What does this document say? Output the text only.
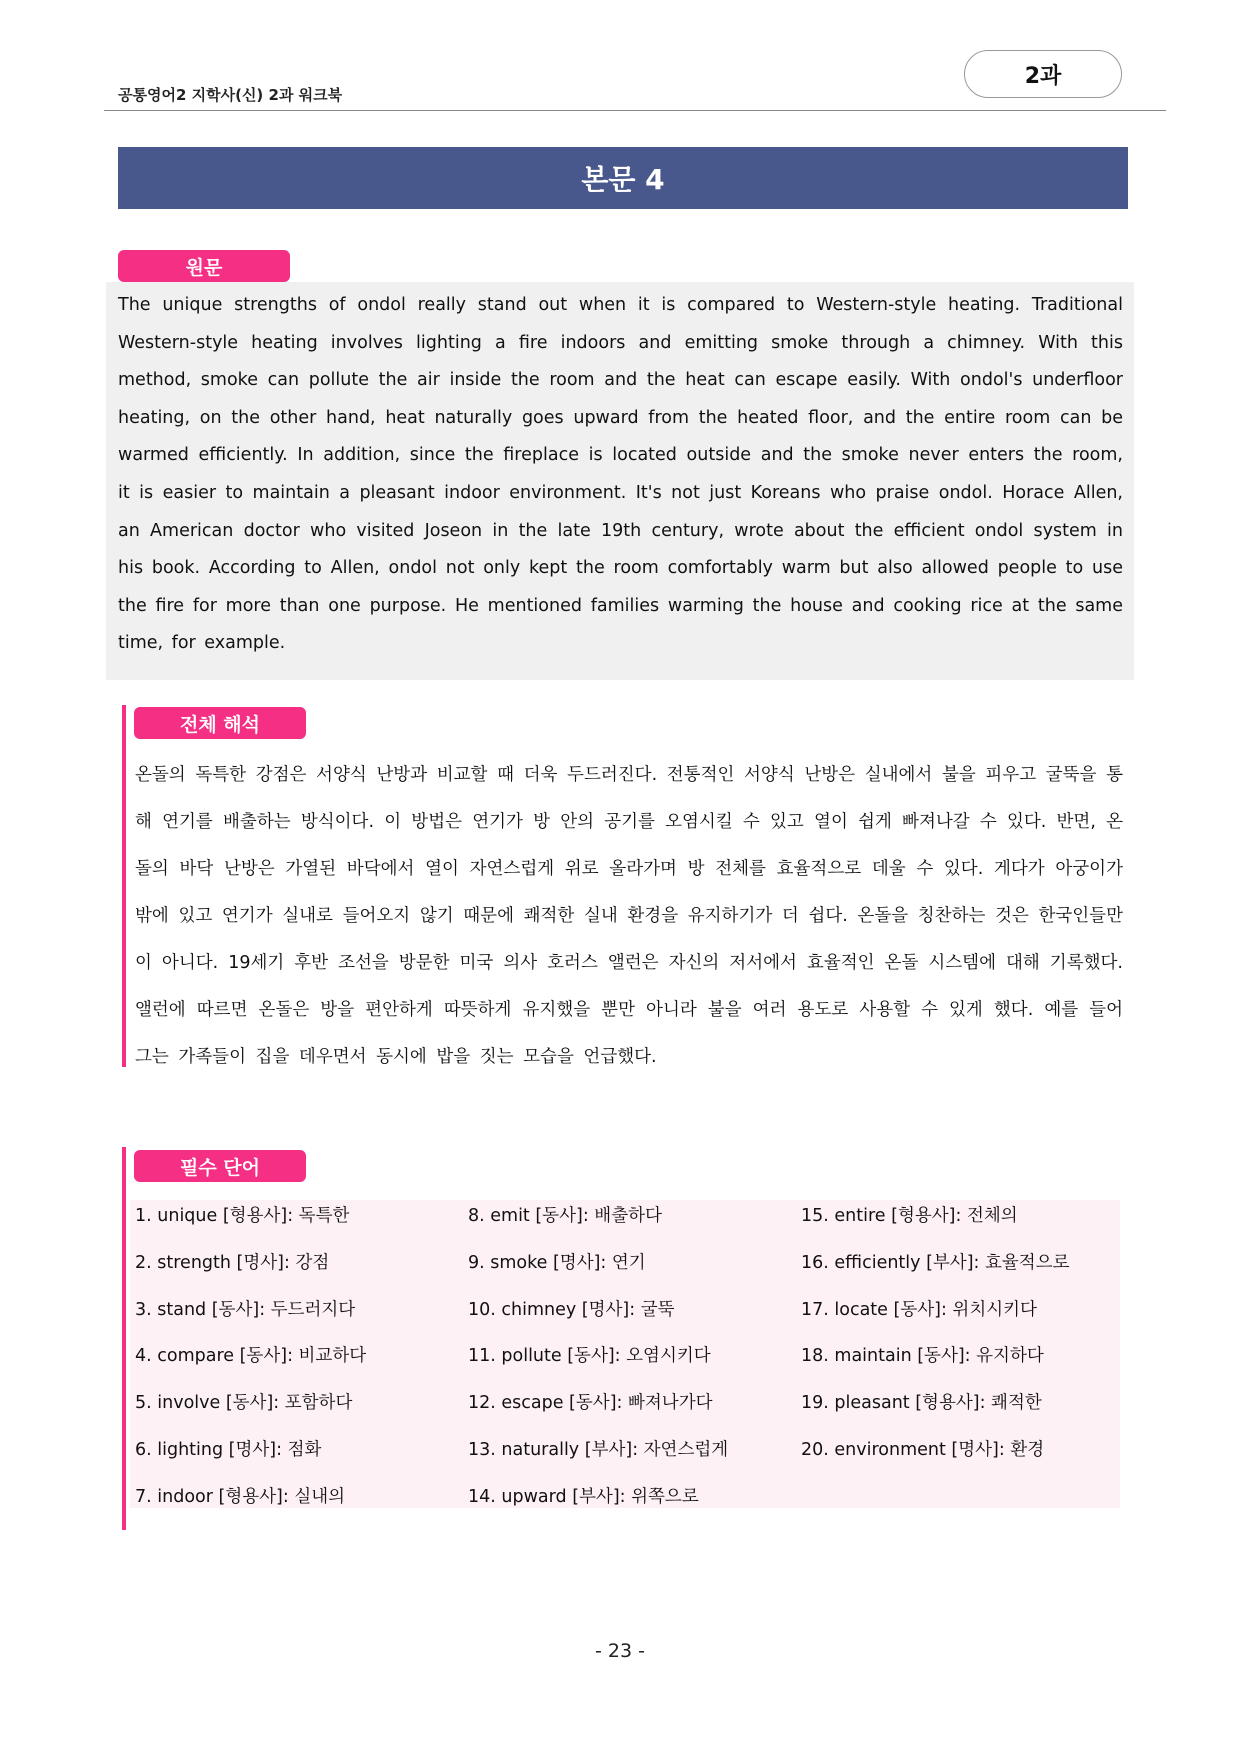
공통영어2 지학사(신) 2과 워크북
2과
본문 4
원문
The unique strengths of ondol really stand out when it is compared to Western-style heating. Traditional Western-style heating involves lighting a fire indoors and emitting smoke through a chimney. With this method, smoke can pollute the air inside the room and the heat can escape easily. With ondol's underfloor heating, on the other hand, heat naturally goes upward from the heated floor, and the entire room can be warmed efficiently. In addition, since the fireplace is located outside and the smoke never enters the room, it is easier to maintain a pleasant indoor environment. It's not just Koreans who praise ondol. Horace Allen, an American doctor who visited Joseon in the late 19th century, wrote about the efficient ondol system in his book. According to Allen, ondol not only kept the room comfortably warm but also allowed people to use the fire for more than one purpose. He mentioned families warming the house and cooking rice at the same time, for example.
전체 해석
온돌의 독특한 강점은 서양식 난방과 비교할 때 더욱 두드러진다. 전통적인 서양식 난방은 실내에서 불을 피우고 굴뚝을 통해 연기를 배출하는 방식이다. 이 방법은 연기가 방 안의 공기를 오염시킬 수 있고 열이 쉽게 빠져나갈 수 있다. 반면, 온돌의 바닥 난방은 가열된 바닥에서 열이 자연스럽게 위로 올라가며 방 전체를 효율적으로 데울 수 있다. 게다가 아궁이가 밖에 있고 연기가 실내로 들어오지 않기 때문에 쾌적한 실내 환경을 유지하기가 더 쉽다. 온돌을 칭찬하는 것은 한국인들만이 아니다. 19세기 후반 조선을 방문한 미국 의사 호러스 앨런은 자신의 저서에서 효율적인 온돌 시스템에 대해 기록했다. 앨런에 따르면 온돌은 방을 편안하게 따뜻하게 유지했을 뿐만 아니라 불을 여러 용도로 사용할 수 있게 했다. 예를 들어 그는 가족들이 집을 데우면서 동시에 밥을 짓는 모습을 언급했다.
필수 단어
1. unique [형용사]: 독특한	8. emit [동사]: 배출하다	15. entire [형용사]: 전체의
2. strength [명사]: 강점	9. smoke [명사]: 연기	16. efficiently [부사]: 효율적으로
3. stand [동사]: 두드러지다	10. chimney [명사]: 굴뚝	17. locate [동사]: 위치시키다
4. compare [동사]: 비교하다	11. pollute [동사]: 오염시키다	18. maintain [동사]: 유지하다
5. involve [동사]: 포함하다	12. escape [동사]: 빠져나가다	19. pleasant [형용사]: 쾌적한
6. lighting [명사]: 점화	13. naturally [부사]: 자연스럽게	20. environment [명사]: 환경
7. indoor [형용사]: 실내의	14. upward [부사]: 위쪽으로
- 23 -
